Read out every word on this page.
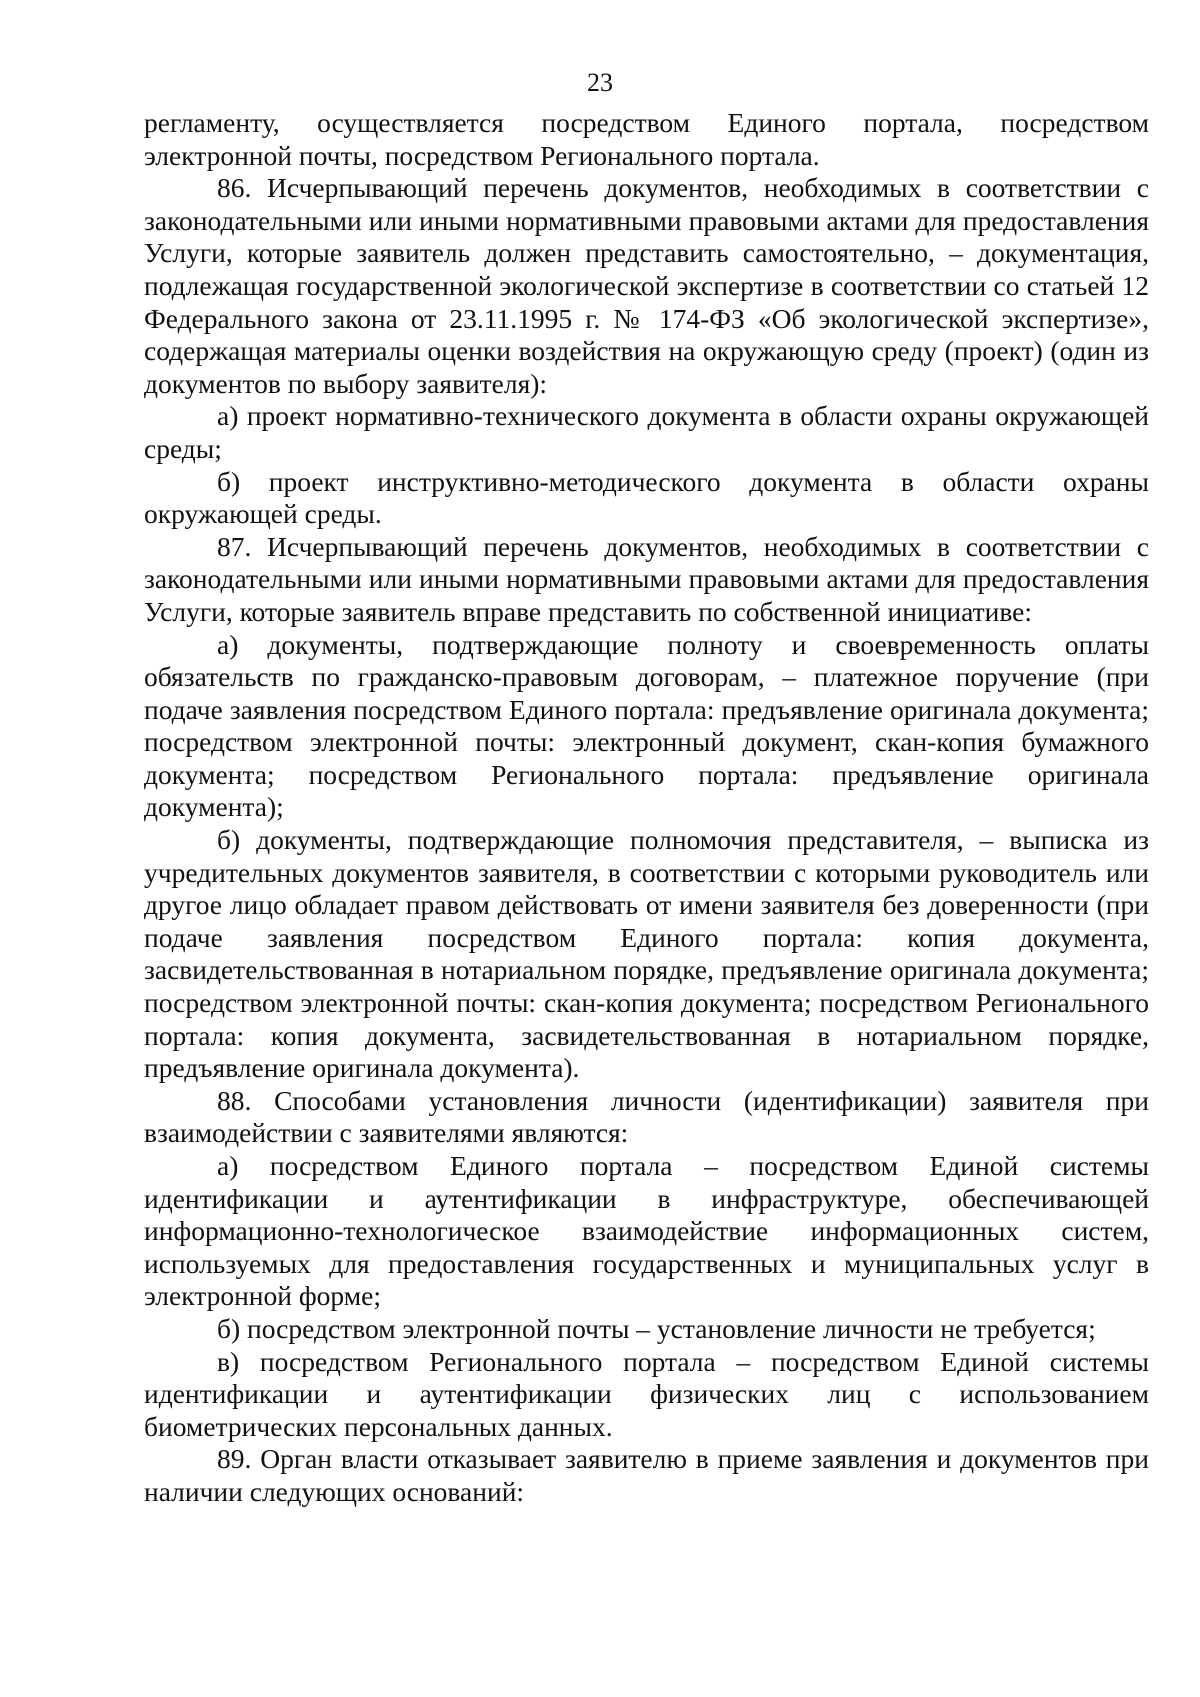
23

регламенту, осуществляется посредством Единого портала, посредством электронной почты, посредством Регионального портала.

86. Исчерпывающий перечень документов, необходимых в соответствии с законодательными или иными нормативными правовыми актами для предоставления Услуги, которые заявитель должен представить самостоятельно, – документация, подлежащая государственной экологической экспертизе в соответствии со статьей 12 Федерального закона от 23.11.1995 г. № 174-ФЗ «Об экологической экспертизе», содержащая материалы оценки воздействия на окружающую среду (проект) (один из документов по выбору заявителя):

а) проект нормативно-технического документа в области охраны окружающей среды;

б) проект инструктивно-методического документа в области охраны окружающей среды.

87. Исчерпывающий перечень документов, необходимых в соответствии с законодательными или иными нормативными правовыми актами для предоставления Услуги, которые заявитель вправе представить по собственной инициативе:

а) документы, подтверждающие полноту и своевременность оплаты обязательств по гражданско-правовым договорам, – платежное поручение (при подаче заявления посредством Единого портала: предъявление оригинала документа; посредством электронной почты: электронный документ, скан-копия бумажного документа; посредством Регионального портала: предъявление оригинала документа);

б) документы, подтверждающие полномочия представителя, – выписка из учредительных документов заявителя, в соответствии с которыми руководитель или другое лицо обладает правом действовать от имени заявителя без доверенности (при подаче заявления посредством Единого портала: копия документа, засвидетельствованная в нотариальном порядке, предъявление оригинала документа; посредством электронной почты: скан-копия документа; посредством Регионального портала: копия документа, засвидетельствованная в нотариальном порядке, предъявление оригинала документа).

88. Способами установления личности (идентификации) заявителя при взаимодействии с заявителями являются:

а) посредством Единого портала – посредством Единой системы идентификации и аутентификации в инфраструктуре, обеспечивающей информационно-технологическое взаимодействие информационных систем, используемых для предоставления государственных и муниципальных услуг в электронной форме;

б) посредством электронной почты – установление личности не требуется;

в) посредством Регионального портала – посредством Единой системы идентификации и аутентификации физических лиц с использованием биометрических персональных данных.

89. Орган власти отказывает заявителю в приеме заявления и документов при наличии следующих оснований:
